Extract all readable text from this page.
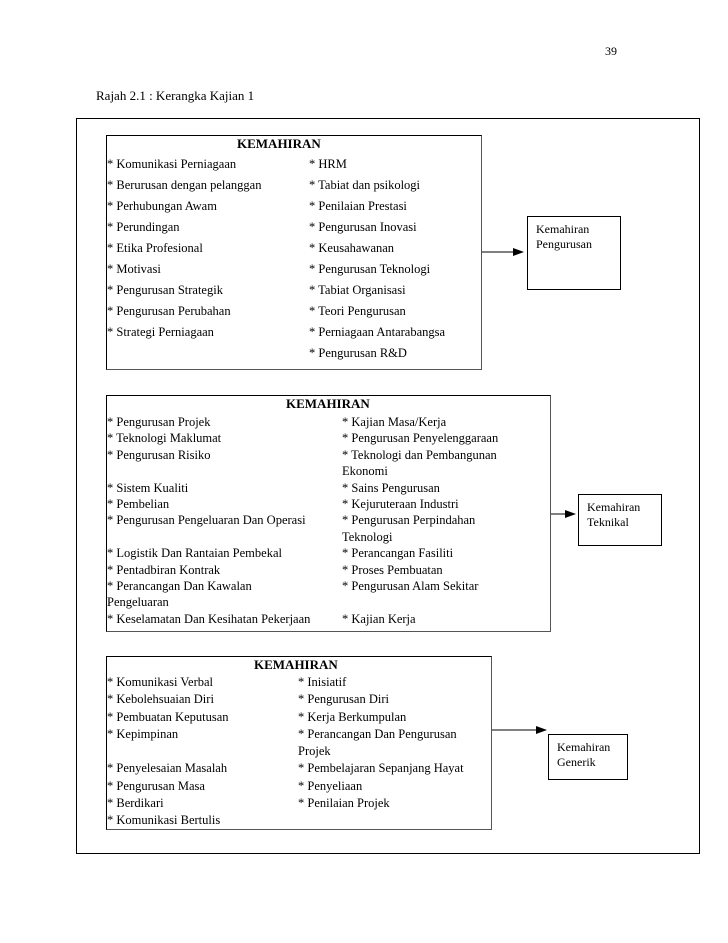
39
Rajah 2.1 : Kerangka Kajian 1
KEMAHIRAN
* Komunikasi Perniagaan
* Berurusan dengan pelanggan
* Perhubungan Awam
* Perundingan
* Etika Profesional
* Motivasi
* Pengurusan Strategik
* Pengurusan Perubahan
* Strategi Perniagaan
* HRM
* Tabiat dan psikologi
* Penilaian Prestasi
* Pengurusan Inovasi
* Keusahawanan
* Pengurusan Teknologi
* Tabiat Organisasi
* Teori Pengurusan
* Perniagaan Antarabangsa
* Pengurusan R&D
Kemahiran
Pengurusan
KEMAHIRAN
* Pengurusan Projek
* Teknologi Maklumat
* Pengurusan Risiko

* Sistem Kualiti
* Pembelian
* Pengurusan Pengeluaran Dan Operasi

* Logistik Dan Rantaian Pembekal
* Pentadbiran Kontrak
* Perancangan Dan Kawalan
Pengeluaran
* Keselamatan Dan Kesihatan Pekerjaan
* Kajian Masa/Kerja
* Pengurusan Penyelenggaraan
* Teknologi dan Pembangunan
Ekonomi
* Sains Pengurusan
* Kejuruteraan Industri
* Pengurusan Perpindahan
Teknologi
* Perancangan Fasiliti
* Proses Pembuatan
* Pengurusan Alam Sekitar

* Kajian Kerja
Kemahiran
Teknikal
KEMAHIRAN
* Komunikasi Verbal
* Kebolehsuaian Diri
* Pembuatan Keputusan
* Kepimpinan

* Penyelesaian Masalah
* Pengurusan Masa
* Berdikari
* Komunikasi Bertulis
* Inisiatif
* Pengurusan Diri
* Kerja Berkumpulan
* Perancangan Dan Pengurusan
Projek
* Pembelajaran Sepanjang Hayat
* Penyeliaan
* Penilaian Projek
Kemahiran
Generik
